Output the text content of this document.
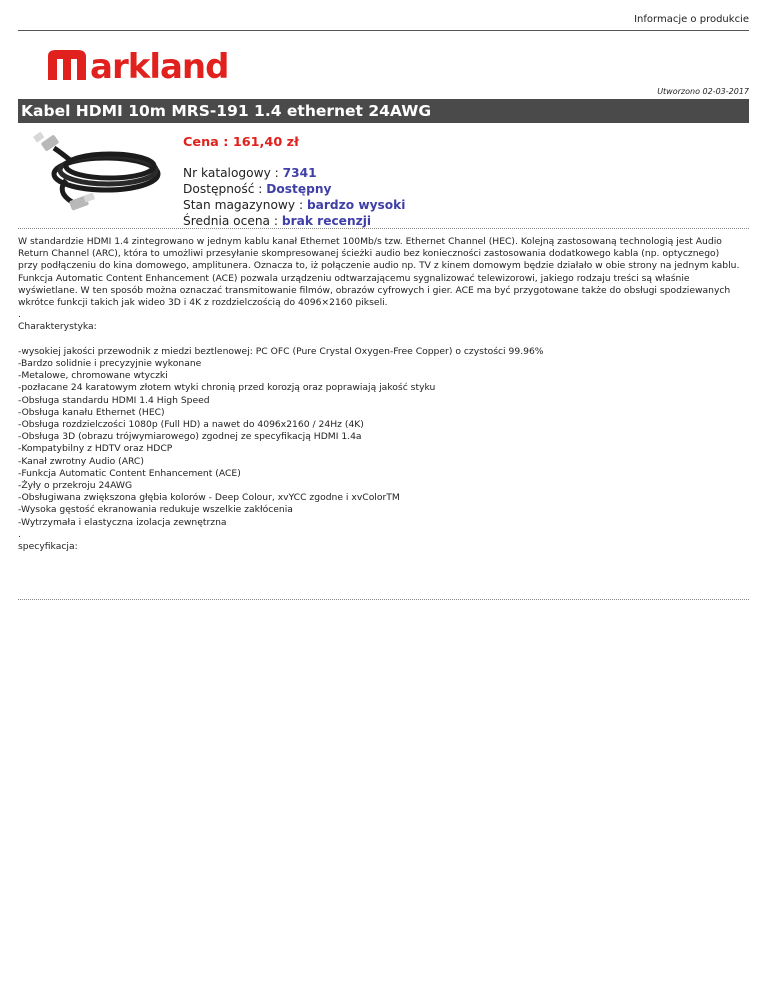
Informacje o produkcie
arkland
Utworzono 02-03-2017
Kabel HDMI 10m MRS-191 1.4 ethernet 24AWG
Cena : 161,40 zł
Nr katalogowy : 7341
Dostępność : Dostępny
Stan magazynowy : bardzo wysoki
Średnia ocena : brak recenzji

W standardzie HDMI 1.4 zintegrowano w jednym kablu kanał Ethernet 100Mb/s tzw. Ethernet Channel (HEC). Kolejną zastosowaną technologią jest Audio

Return Channel (ARC), która to umożliwi przesyłanie skompresowanej ścieżki audio bez konieczności zastosowania dodatkowego kabla (np. optycznego)

przy podłączeniu do kina domowego, amplitunera. Oznacza to, iż połączenie audio np. TV z kinem domowym będzie działało w obie strony na jednym kablu.

Funkcja Automatic Content Enhancement (ACE) pozwala urządzeniu odtwarzającemu sygnalizować telewizorowi, jakiego rodzaju treści są właśnie

wyświetlane. W ten sposób można oznaczać transmitowanie filmów, obrazów cyfrowych i gier. ACE ma być przygotowane także do obsługi spodziewanych

wkrótce funkcji takich jak wideo 3D i 4K z rozdzielczością do 4096×2160 pikseli.

.

Charakterystyka:

-wysokiej jakości przewodnik z miedzi beztlenowej: PC OFC (Pure Crystal Oxygen-Free Copper) o czystości 99.96%

-Bardzo solidnie i precyzyjnie wykonane

-Metalowe, chromowane wtyczki

-pozłacane 24 karatowym złotem wtyki chronią przed korozją oraz poprawiają jakość styku

-Obsługa standardu HDMI 1.4 High Speed

-Obsługa kanału Ethernet (HEC)

-Obsługa rozdzielczości 1080p (Full HD) a nawet do 4096x2160 / 24Hz (4K)

-Obsługa 3D (obrazu trójwymiarowego) zgodnej ze specyfikacją HDMI 1.4a

-Kompatybilny z HDTV oraz HDCP

-Kanał zwrotny Audio (ARC)

-Funkcja Automatic Content Enhancement (ACE)

-Żyły o przekroju 24AWG

-Obsługiwana zwiększona głębia kolorów - Deep Colour, xvYCC zgodne i xvColorTM

-Wysoka gęstość ekranowania redukuje wszelkie zakłócenia

-Wytrzymała i elastyczna izolacja zewnętrzna

.

specyfikacja:
